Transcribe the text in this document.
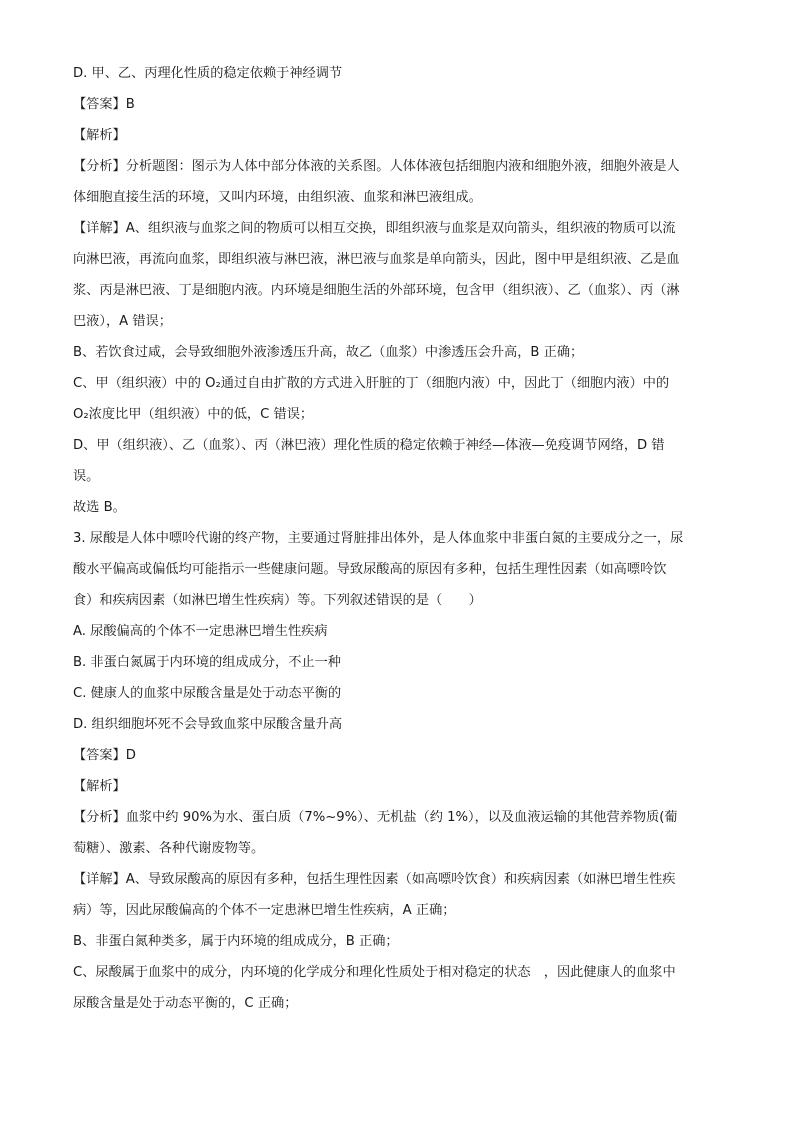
D. 甲、乙、丙理化性质的稳定依赖于神经调节
【答案】B
【解析】
【分析】分析题图：图示为人体中部分体液的关系图。人体体液包括细胞内液和细胞外液，细胞外液是人
体细胞直接生活的环境，又叫内环境，由组织液、血浆和淋巴液组成。
【详解】A、组织液与血浆之间的物质可以相互交换，即组织液与血浆是双向箭头，组织液的物质可以流
向淋巴液，再流向血浆，即组织液与淋巴液，淋巴液与血浆是单向箭头，因此，图中甲是组织液、乙是血
浆、丙是淋巴液、丁是细胞内液。内环境是细胞生活的外部环境，包含甲（组织液）、乙（血浆）、丙（淋
巴液），A 错误；
B、若饮食过咸，会导致细胞外液渗透压升高，故乙（血浆）中渗透压会升高，B 正确；
C、甲（组织液）中的 O₂通过自由扩散的方式进入肝脏的丁（细胞内液）中，因此丁（细胞内液）中的
O₂浓度比甲（组织液）中的低，C 错误；
D、甲（组织液）、乙（血浆）、丙（淋巴液）理化性质的稳定依赖于神经—体液—免疫调节网络，D 错
误。
故选 B。
3. 尿酸是人体中嘌呤代谢的终产物，主要通过肾脏排出体外，是人体血浆中非蛋白氮的主要成分之一，尿
酸水平偏高或偏低均可能指示一些健康问题。导致尿酸高的原因有多种，包括生理性因素（如高嘌呤饮
食）和疾病因素（如淋巴增生性疾病）等。下列叙述错误的是（　　）
A. 尿酸偏高的个体不一定患淋巴增生性疾病
B. 非蛋白氮属于内环境的组成成分，不止一种
C. 健康人的血浆中尿酸含量是处于动态平衡的
D. 组织细胞坏死不会导致血浆中尿酸含量升高
【答案】D
【解析】
【分析】血浆中约 90%为水、蛋白质（7%~9%）、无机盐（约 1%），以及血液运输的其他营养物质(葡
萄糖）、激素、各种代谢废物等。
【详解】A、导致尿酸高的原因有多种，包括生理性因素（如高嘌呤饮食）和疾病因素（如淋巴增生性疾
病）等，因此尿酸偏高的个体不一定患淋巴增生性疾病，A 正确；
B、非蛋白氮种类多，属于内环境的组成成分，B 正确；
C、尿酸属于血浆中的成分，内环境的化学成分和理化性质处于相对稳定的状态　，因此健康人的血浆中
尿酸含量是处于动态平衡的，C 正确；
